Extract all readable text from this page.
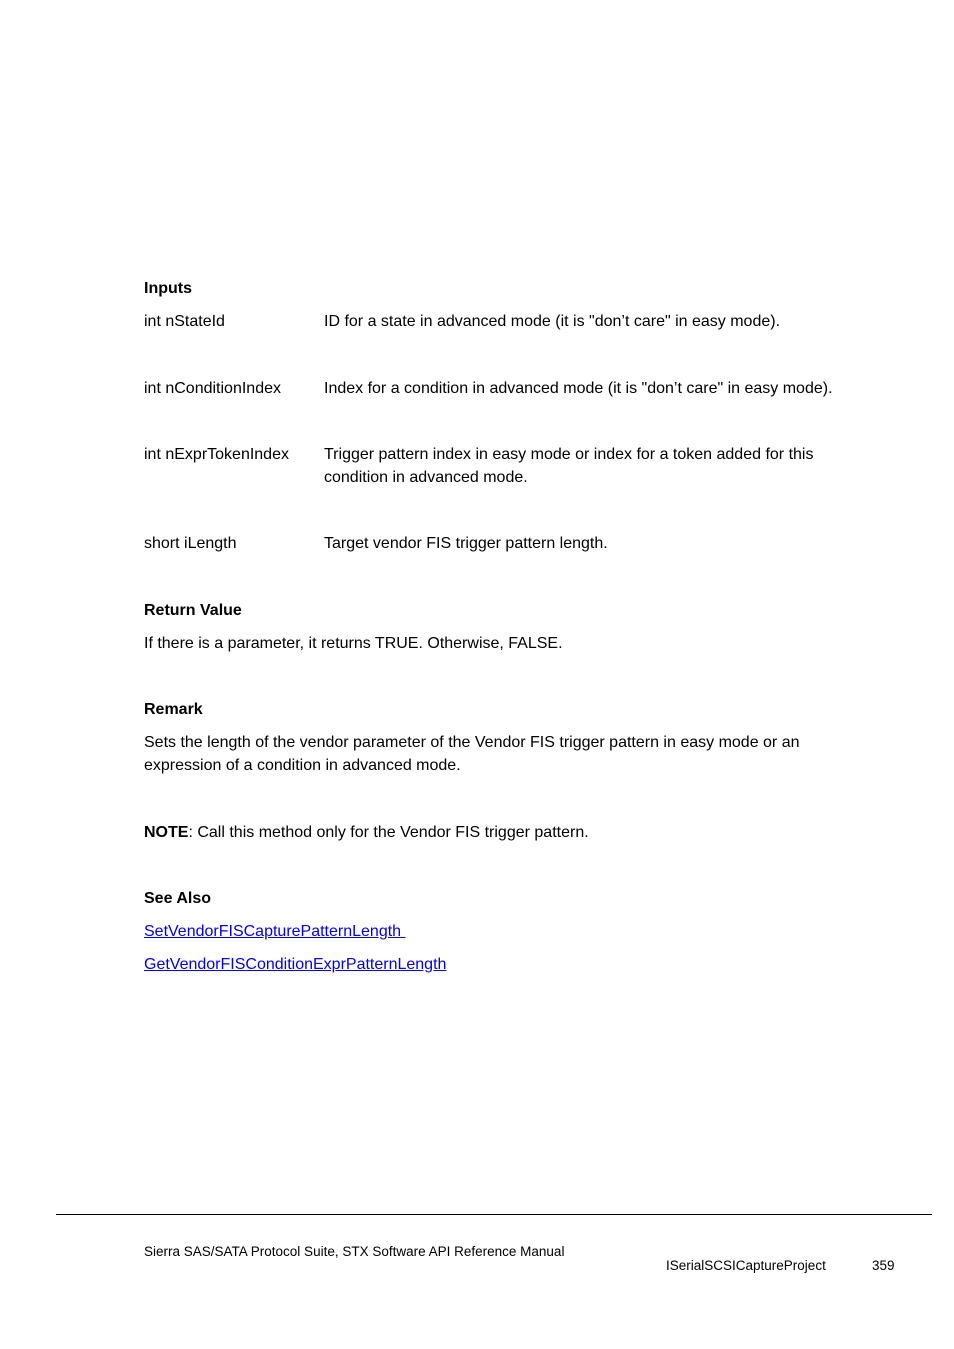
Inputs
int nStateId	ID for a state in advanced mode (it is "don’t care" in easy mode).
int nConditionIndex	Index for a condition in advanced mode (it is "don’t care" in easy mode).
int nExprTokenIndex	Trigger pattern index in easy mode or index for a token added for this condition in advanced mode.
short iLength	Target vendor FIS trigger pattern length.
Return Value
If there is a parameter, it returns TRUE. Otherwise, FALSE.
Remark
Sets the length of the vendor parameter of the Vendor FIS trigger pattern in easy mode or an expression of a condition in advanced mode.
NOTE: Call this method only for the Vendor FIS trigger pattern.
See Also
SetVendorFISCapturePatternLength
GetVendorFISConditionExprPatternLength
Sierra SAS/SATA Protocol Suite, STX Software API Reference Manual
ISerialSCSICaptureProject	359
